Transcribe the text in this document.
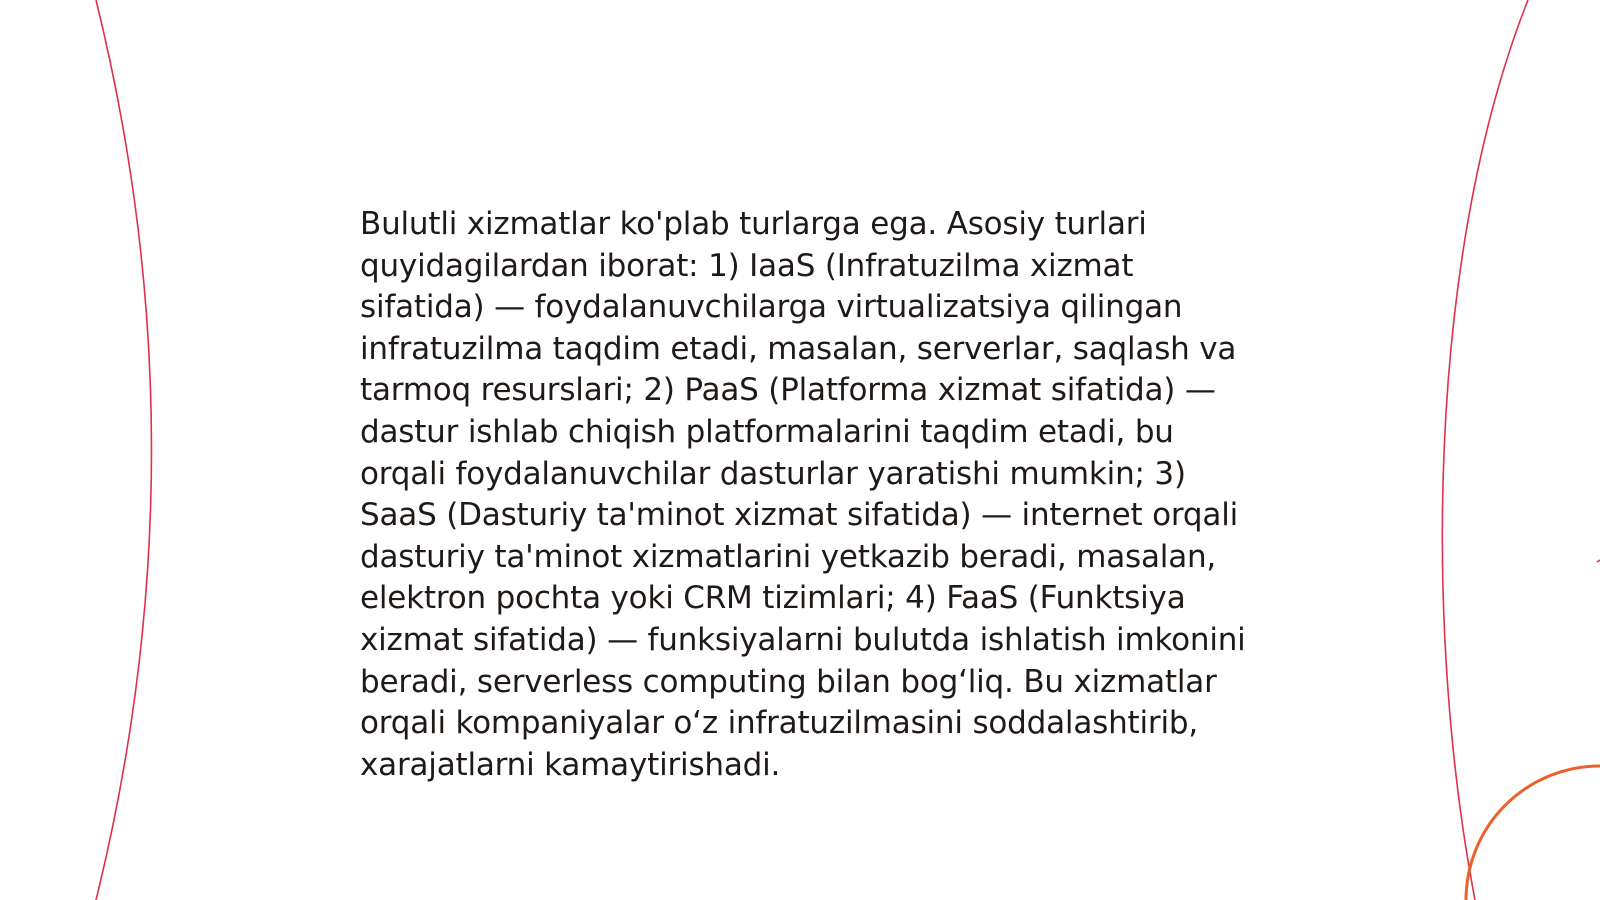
Bulutli xizmatlar ko'plab turlarga ega. Asosiy turlari quyidagilardan iborat: 1) IaaS (Infratuzilma xizmat sifatida) — foydalanuvchilarga virtualizatsiya qilingan infratuzilma taqdim etadi, masalan, serverlar, saqlash va tarmoq resurslari; 2) PaaS (Platforma xizmat sifatida) — dastur ishlab chiqish platformalarini taqdim etadi, bu orqali foydalanuvchilar dasturlar yaratishi mumkin; 3) SaaS (Dasturiy ta'minot xizmat sifatida) — internet orqali dasturiy ta'minot xizmatlarini yetkazib beradi, masalan, elektron pochta yoki CRM tizimlari; 4) FaaS (Funktsiya xizmat sifatida) — funksiyalarni bulutda ishlatish imkonini beradi, serverless computing bilan bog‘liq. Bu xizmatlar orqali kompaniyalar o‘z infratuzilmasini soddalashtirib, xarajatlarni kamaytirishadi.
